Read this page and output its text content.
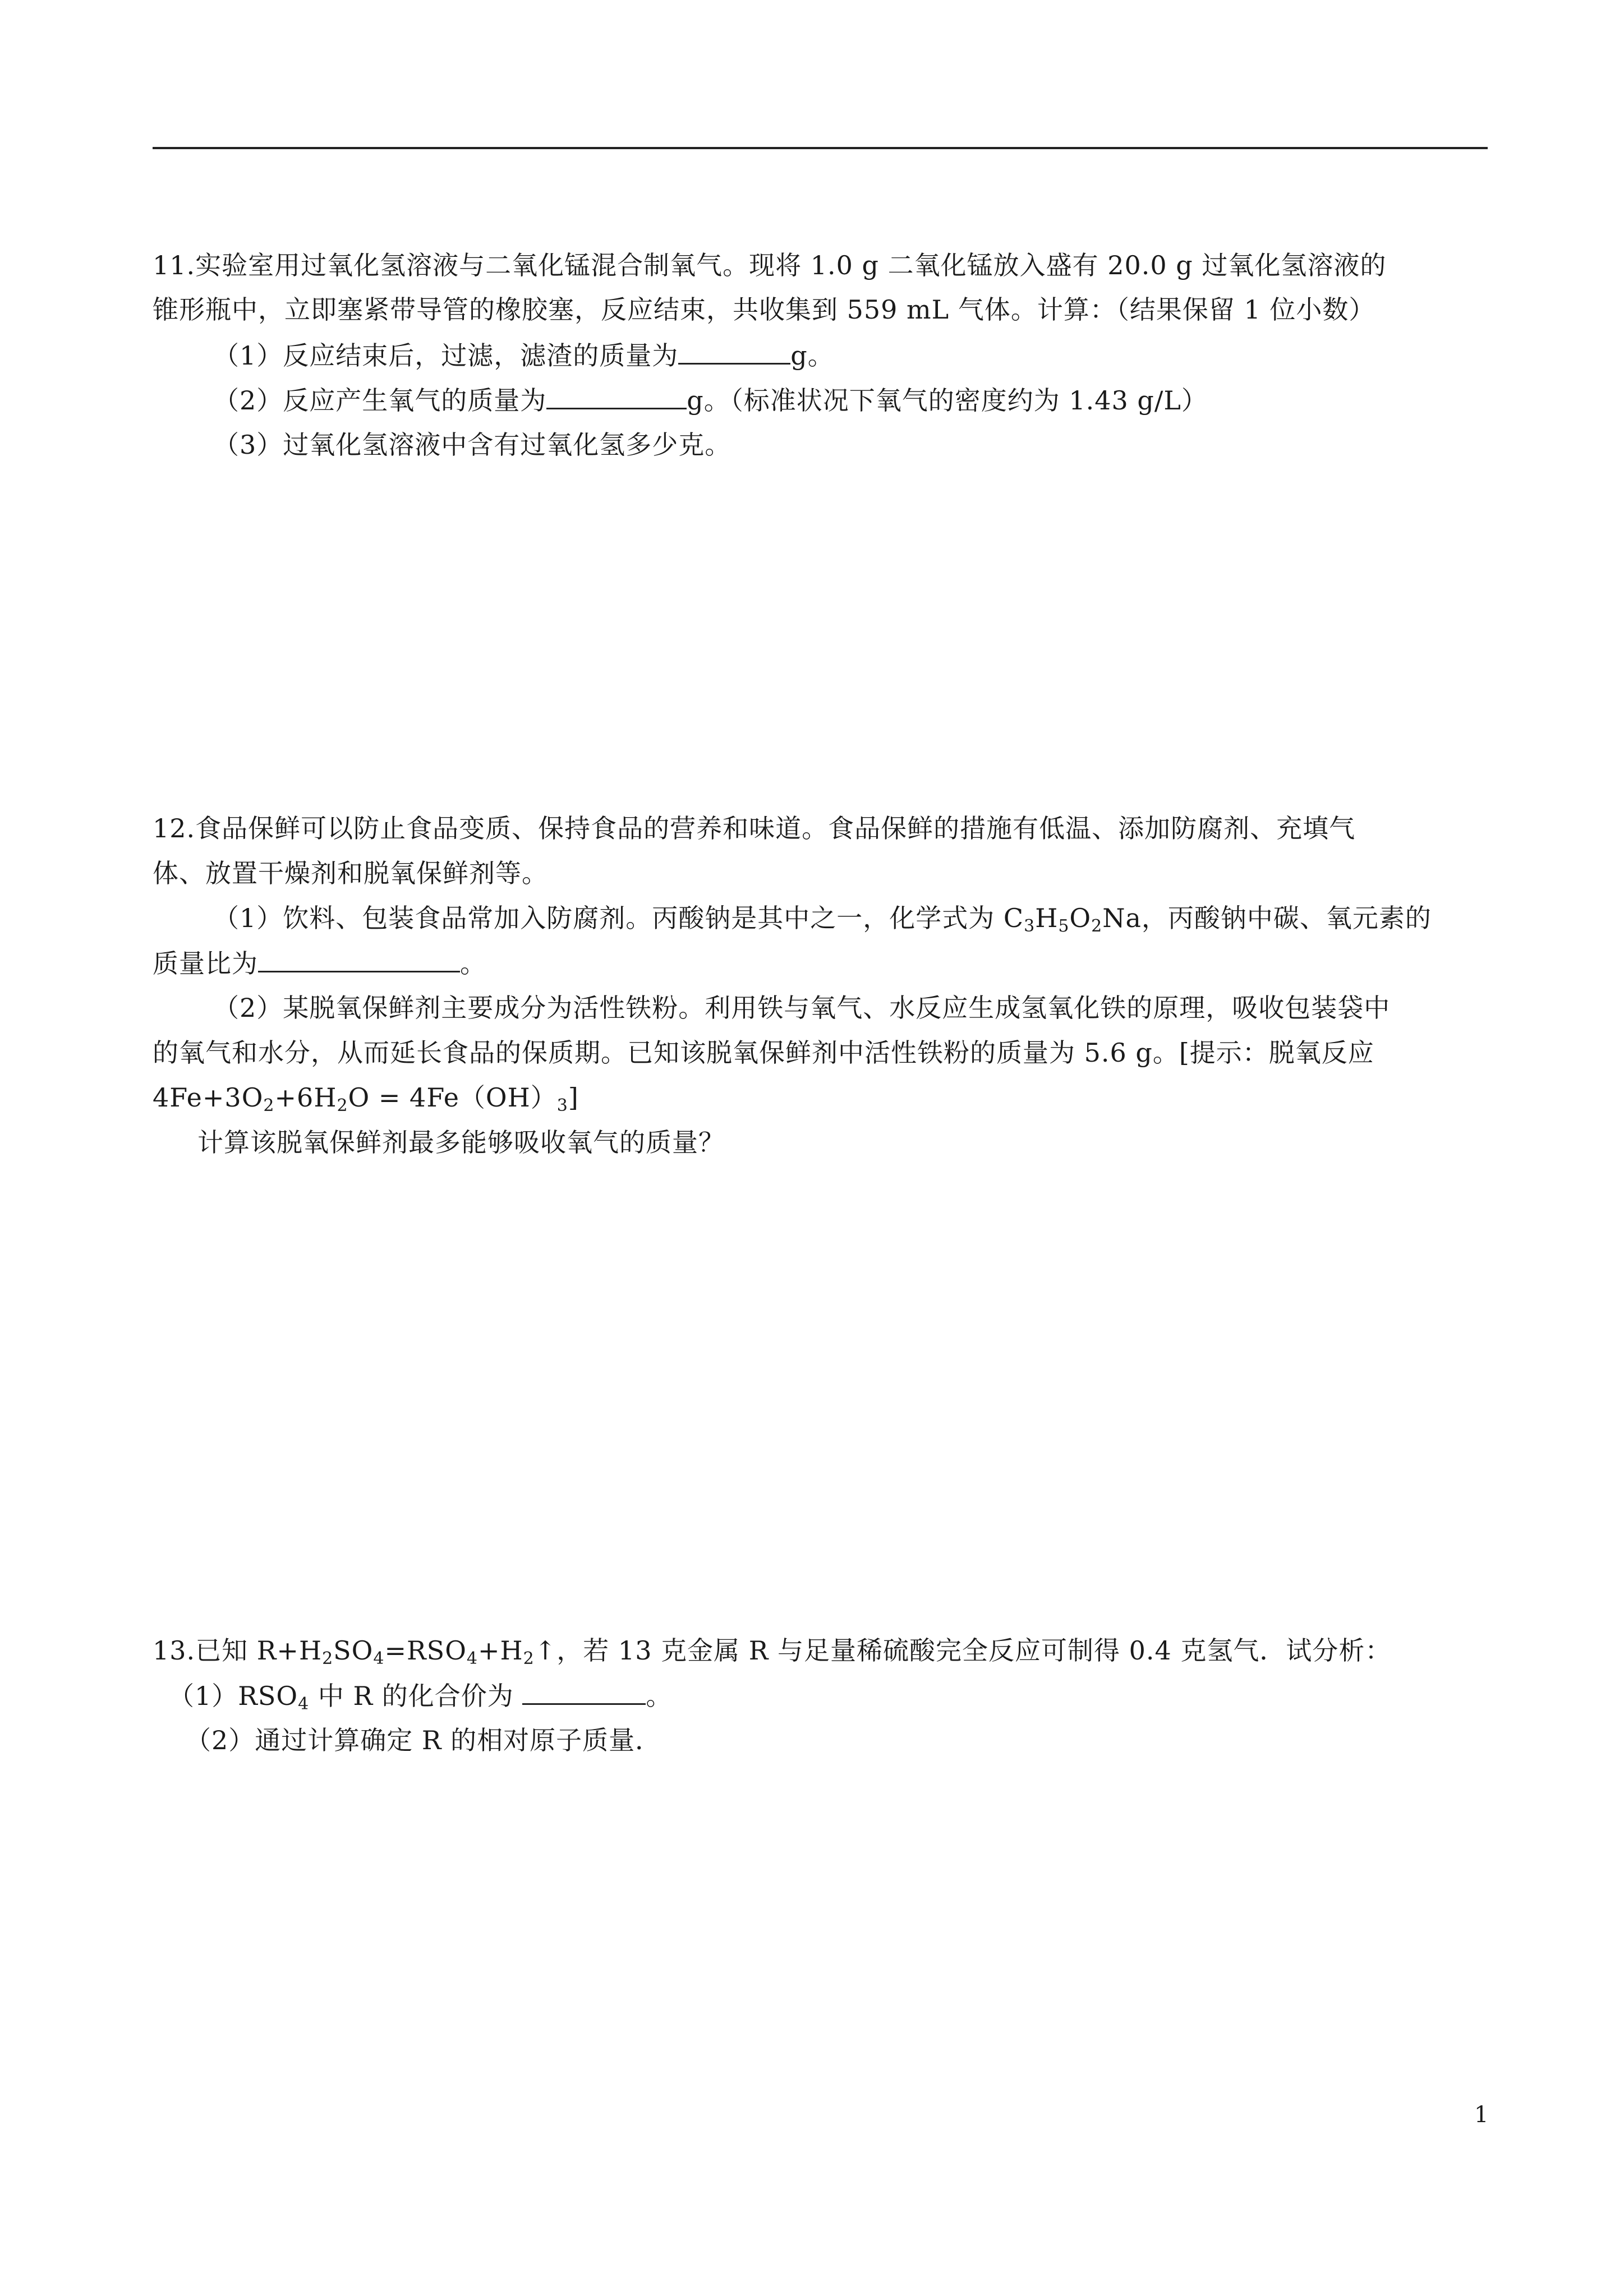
11.实验室用过氧化氢溶液与二氧化锰混合制氧气。现将 1.0 g 二氧化锰放入盛有 20.0 g 过氧化氢溶液的
锥形瓶中，立即塞紧带导管的橡胶塞，反应结束，共收集到 559 mL 气体。计算：（结果保留 1 位小数）
（1）反应结束后，过滤，滤渣的质量为	g。
（2）反应产生氧气的质量为	g。（标准状况下氧气的密度约为 1.43 g/L）
（3）过氧化氢溶液中含有过氧化氢多少克。
12.食品保鲜可以防止食品变质、保持食品的营养和味道。食品保鲜的措施有低温、添加防腐剂、充填气
体、放置干燥剂和脱氧保鲜剂等。
（1）饮料、包装食品常加入防腐剂。丙酸钠是其中之一，化学式为 $C_3H_5O_2Na$，丙酸钠中碳、氧元素的
质量比为	。
（2）某脱氧保鲜剂主要成分为活性铁粉。利用铁与氧气、水反应生成氢氧化铁的原理，吸收包装袋中
的氧气和水分，从而延长食品的保质期。已知该脱氧保鲜剂中活性铁粉的质量为 5.6 g。[提示：脱氧反应
$4Fe+3O_2+6H_2O = 4Fe(OH)_3$]
计算该脱氧保鲜剂最多能够吸收氧气的质量？
13.已知 $R+H_2SO_4=RSO_4+H_2↑$，若 13 克金属 R 与足量稀硫酸完全反应可制得 0.4 克氢气．试分析：
$(1)RSO_4$ 中 R 的化合价为	。
（2）通过计算确定 R 的相对原子质量．
1
